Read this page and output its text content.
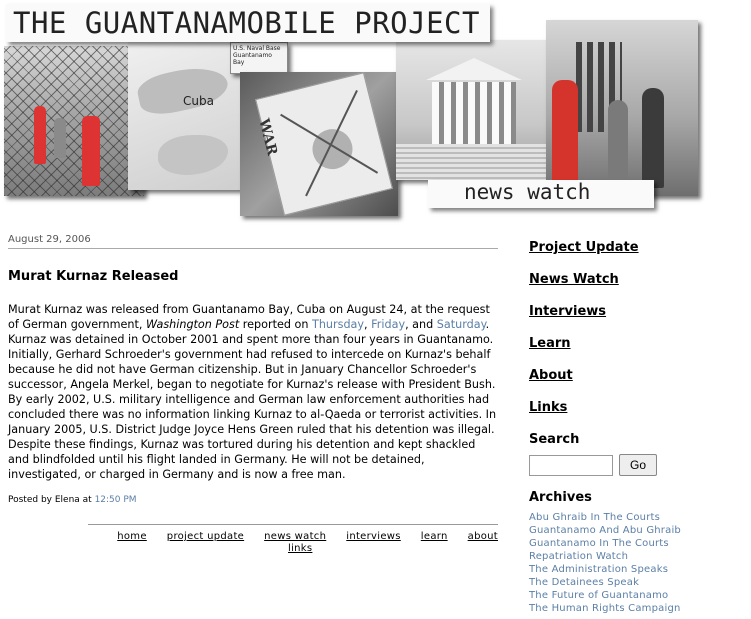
Cuba
U.S. Naval Base Guantanamo Bay
WAR
THE GUANTANAMOBILE PROJECT
news watch
August 29, 2006
Murat Kurnaz Released
Murat Kurnaz was released from Guantanamo Bay, Cuba on August 24, at the request of German government, Washington Post reported on Thursday, Friday, and Saturday. Kurnaz was detained in October 2001 and spent more than four years in Guantanamo. Initially, Gerhard Schroeder's government had refused to intercede on Kurnaz's behalf because he did not have German citizenship. But in January Chancellor Schroeder's successor, Angela Merkel, began to negotiate for Kurnaz's release with President Bush. By early 2002, U.S. military intelligence and German law enforcement authorities had concluded there was no information linking Kurnaz to al-Qaeda or terrorist activities. In January 2005, U.S. District Judge Joyce Hens Green ruled that his detention was illegal. Despite these findings, Kurnaz was tortured during his detention and kept shackled and blindfolded until his flight landed in Germany. He will not be detained, investigated, or charged in Germany and is now a free man.
Posted by Elena at 12:50 PM
home project update news watch interviews learn about
links
Project Update
News Watch
Interviews
Learn
About
Links
Search
Go
Archives
Abu Ghraib In The Courts
Guantanamo And Abu Ghraib
Guantanamo In The Courts
Repatriation Watch
The Administration Speaks
The Detainees Speak
The Future of Guantanamo
The Human Rights Campaign
